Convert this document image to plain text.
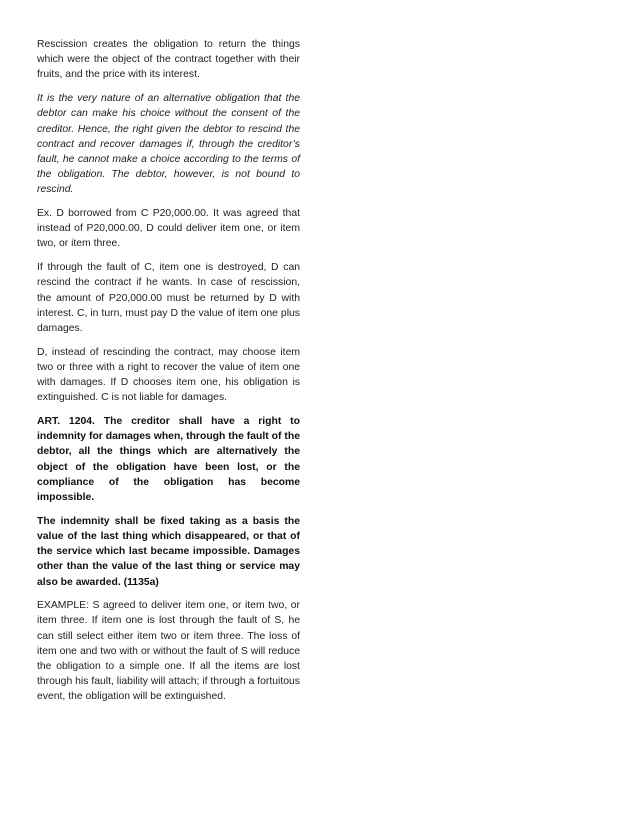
Rescission creates the obligation to return the things which were the object of the contract together with their fruits, and the price with its interest.

It is the very nature of an alternative obligation that the debtor can make his choice without the consent of the creditor. Hence, the right given the debtor to rescind the contract and recover damages if, through the creditor’s fault, he cannot make a choice according to the terms of the obligation. The debtor, however, is not bound to rescind.

Ex. D borrowed from C P20,000.00. It was agreed that instead of P20,000.00, D could deliver item one, or item two, or item three.

If through the fault of C, item one is destroyed, D can rescind the contract if he wants. In case of rescission, the amount of P20,000.00 must be returned by D with interest. C, in turn, must pay D the value of item one plus damages.

D, instead of rescinding the contract, may choose item two or three with a right to recover the value of item one with damages. If D chooses item one, his obligation is extinguished. C is not liable for damages.

ART. 1204. The creditor shall have a right to indemnity for damages when, through the fault of the debtor, all the things which are alternatively the object of the obligation have been lost, or the compliance of the obligation has become impossible.

The indemnity shall be fixed taking as a basis the value of the last thing which disappeared, or that of the service which last became impossible. Damages other than the value of the last thing or service may also be awarded. (1135a)

EXAMPLE: S agreed to deliver item one, or item two, or item three. If item one is lost through the fault of S, he can still select either item two or item three. The loss of item one and two with or without the fault of S will reduce the obligation to a simple one. If all the items are lost through his fault, liability will attach; if through a fortuitous event, the obligation will be extinguished.
